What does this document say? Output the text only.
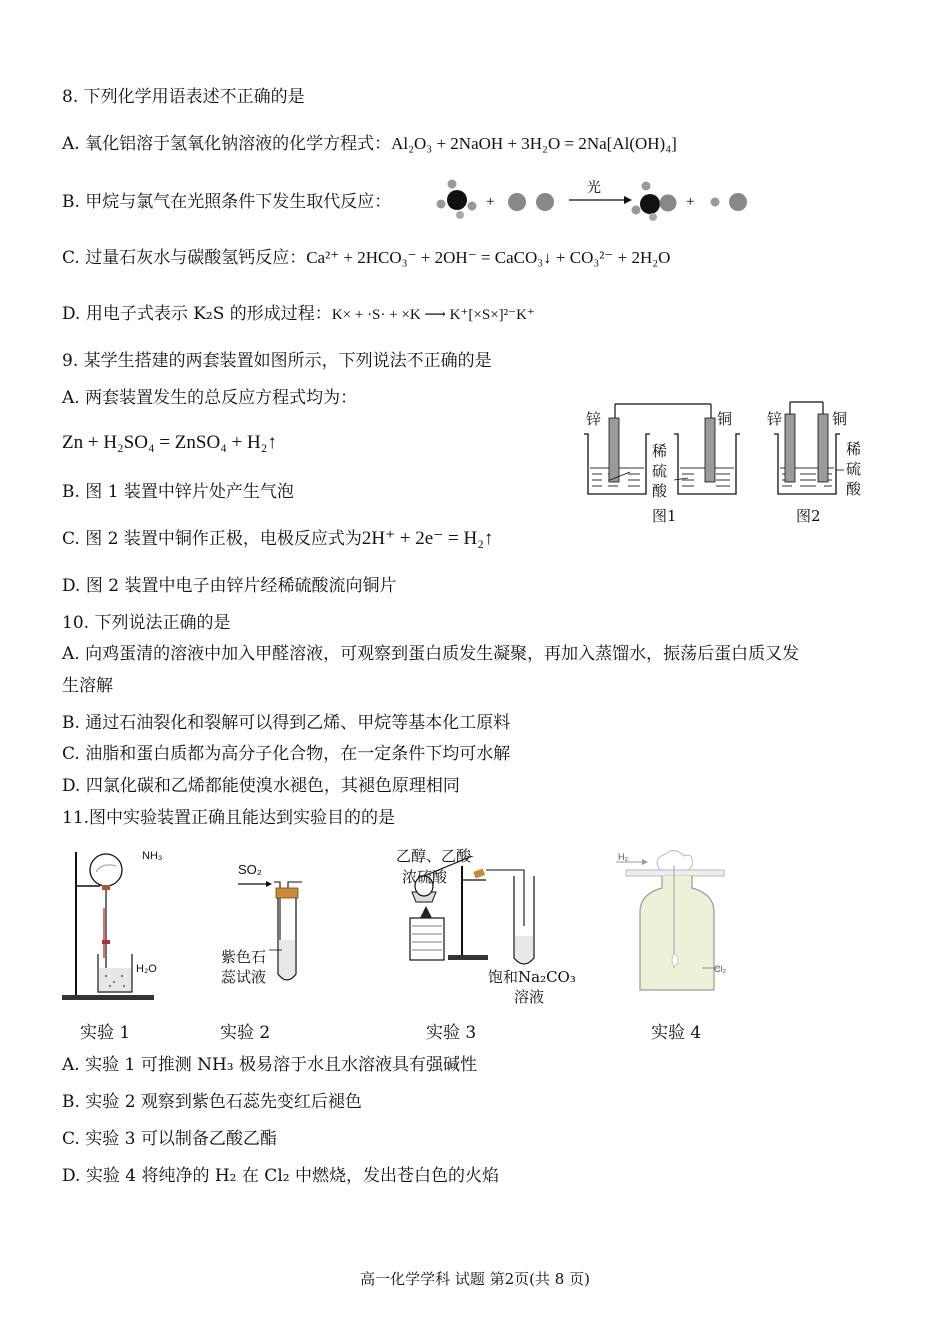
8. 下列化学用语表述不正确的是
A. 氧化铝溶于氢氧化钠溶液的化学方程式：Al₂O₃ + 2NaOH + 3H₂O = 2Na[Al(OH)₄]
B. 甲烷与氯气在光照条件下发生取代反应：	+
光
+
C. 过量石灰水与碳酸氢钙反应：Ca²⁺ + 2HCO₃⁻ + 2OH⁻ = CaCO₃↓ + CO₃²⁻ + 2H₂O
D. 用电子式表示 K₂S 的形成过程：K× + ·S· + ×K ⟶ K⁺[×S×]²⁻K⁺
9. 某学生搭建的两套装置如图所示，下列说法不正确的是
A. 两套装置发生的总反应方程式均为：
Zn + H₂SO₄ = ZnSO₄ + H₂↑
B. 图 1 装置中锌片处产生气泡
C. 图 2 装置中铜作正极，电极反应式为2H⁺ + 2e⁻ = H₂↑
D. 图 2 装置中电子由锌片经稀硫酸流向铜片
锌	铜
稀
硫
酸
锌	铜
稀
硫
酸
图1	图2
10. 下列说法正确的是
A. 向鸡蛋清的溶液中加入甲醛溶液，可观察到蛋白质发生凝聚，再加入蒸馏水，振荡后蛋白质又发
生溶解
B. 通过石油裂化和裂解可以得到乙烯、甲烷等基本化工原料
C. 油脂和蛋白质都为高分子化合物，在一定条件下均可水解
D. 四氯化碳和乙烯都能使溴水褪色，其褪色原理相同
11.图中实验装置正确且能达到实验目的的是
NH₃
H₂O
SO₂
紫色石
蕊试液
乙醇、乙酸
浓硫酸
饱和Na₂CO₃
溶液
H₂
Cl₂
实验 1	实验 2	实验 3	实验 4
A. 实验 1 可推测 NH₃ 极易溶于水且水溶液具有强碱性
B. 实验 2 观察到紫色石蕊先变红后褪色
C. 实验 3 可以制备乙酸乙酯
D. 实验 4 将纯净的 H₂ 在 Cl₂ 中燃烧，发出苍白色的火焰
高一化学学科 试题 第2页(共 8 页)
